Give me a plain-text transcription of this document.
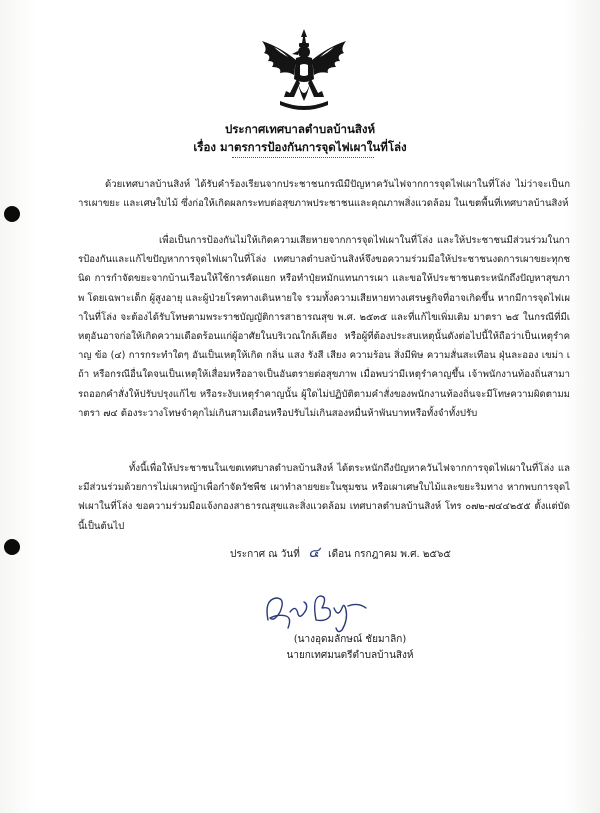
ประกาศเทศบาลตำบลบ้านสิงห์
เรื่อง มาตรการป้องกันการจุดไฟเผาในที่โล่ง
ด้วยเทศบาลบ้านสิงห์ ได้รับคำร้องเรียนจากประชาชนกรณีมีปัญหาควันไฟจากการจุดไฟเผาในที่โล่ง ไม่ว่าจะเป็นการเผาขยะ และเศษใบไม้ ซึ่งก่อให้เกิดผลกระทบต่อสุขภาพประชาชนและคุณภาพสิ่งแวดล้อม ในเขตพื้นที่เทศบาลบ้านสิงห์
เพื่อเป็นการป้องกันไม่ให้เกิดความเสียหายจากการจุดไฟเผาในที่โล่ง และให้ประชาชนมีส่วนร่วมในการป้องกันและแก้ไขปัญหาการจุดไฟเผาในที่โล่ง เทศบาลตำบลบ้านสิงห์จึงขอความร่วมมือให้ประชาชนงดการเผาขยะทุกชนิด การกำจัดขยะจากบ้านเรือนให้ใช้การคัดแยก หรือทำปุ๋ยหมักแทนการเผา และขอให้ประชาชนตระหนักถึงปัญหาสุขภาพ โดยเฉพาะเด็ก ผู้สูงอายุ และผู้ป่วยโรคทางเดินหายใจ รวมทั้งความเสียหายทางเศรษฐกิจที่อาจเกิดขึ้น หากมีการจุดไฟเผาในที่โล่ง จะต้องได้รับโทษตามพระราชบัญญัติการสาธารณสุข พ.ศ. ๒๕๓๕ และที่แก้ไขเพิ่มเติม มาตรา ๒๕ ในกรณีที่มีเหตุอันอาจก่อให้เกิดความเดือดร้อนแก่ผู้อาศัยในบริเวณใกล้เคียง หรือผู้ที่ต้องประสบเหตุนั้นดังต่อไปนี้ให้ถือว่าเป็นเหตุรำคาญ ข้อ (๔) การกระทำใดๆ อันเป็นเหตุให้เกิด กลิ่น แสง รังสี เสียง ความร้อน สิ่งมีพิษ ความสั่นสะเทือน ฝุ่นละออง เขม่า เถ้า หรือกรณีอื่นใดจนเป็นเหตุให้เสื่อมหรืออาจเป็นอันตรายต่อสุขภาพ เมื่อพบว่ามีเหตุรำคาญขึ้น เจ้าพนักงานท้องถิ่นสามารถออกคำสั่งให้ปรับปรุงแก้ไข หรือระงับเหตุรำคาญนั้น ผู้ใดไม่ปฏิบัติตามคำสั่งของพนักงานท้องถิ่นจะมีโทษความผิดตามมาตรา ๗๔ ต้องระวางโทษจำคุกไม่เกินสามเดือนหรือปรับไม่เกินสองหมื่นห้าพันบาทหรือทั้งจำทั้งปรับ
ทั้งนี้เพื่อให้ประชาชนในเขตเทศบาลตำบลบ้านสิงห์ ได้ตระหนักถึงปัญหาควันไฟจากการจุดไฟเผาในที่โล่ง และมีส่วนร่วมด้วยการไม่เผาหญ้าเพื่อกำจัดวัชพืช เผาทำลายขยะในชุมชน หรือเผาเศษใบไม้และขยะริมทาง หากพบการจุดไฟเผาในที่โล่ง ขอความร่วมมือแจ้งกองสาธารณสุขและสิ่งแวดล้อม เทศบาลตำบลบ้านสิงห์ โทร ๐๗๒-๗๔๔๒๕๕ ตั้งแต่บัดนี้เป็นต้นไป
ประกาศ ณ วันที่ ๔ เดือน กรกฎาคม พ.ศ. ๒๕๖๕
(นางอุดมลักษณ์ ชัยมาลิก)
นายกเทศมนตรีตำบลบ้านสิงห์
